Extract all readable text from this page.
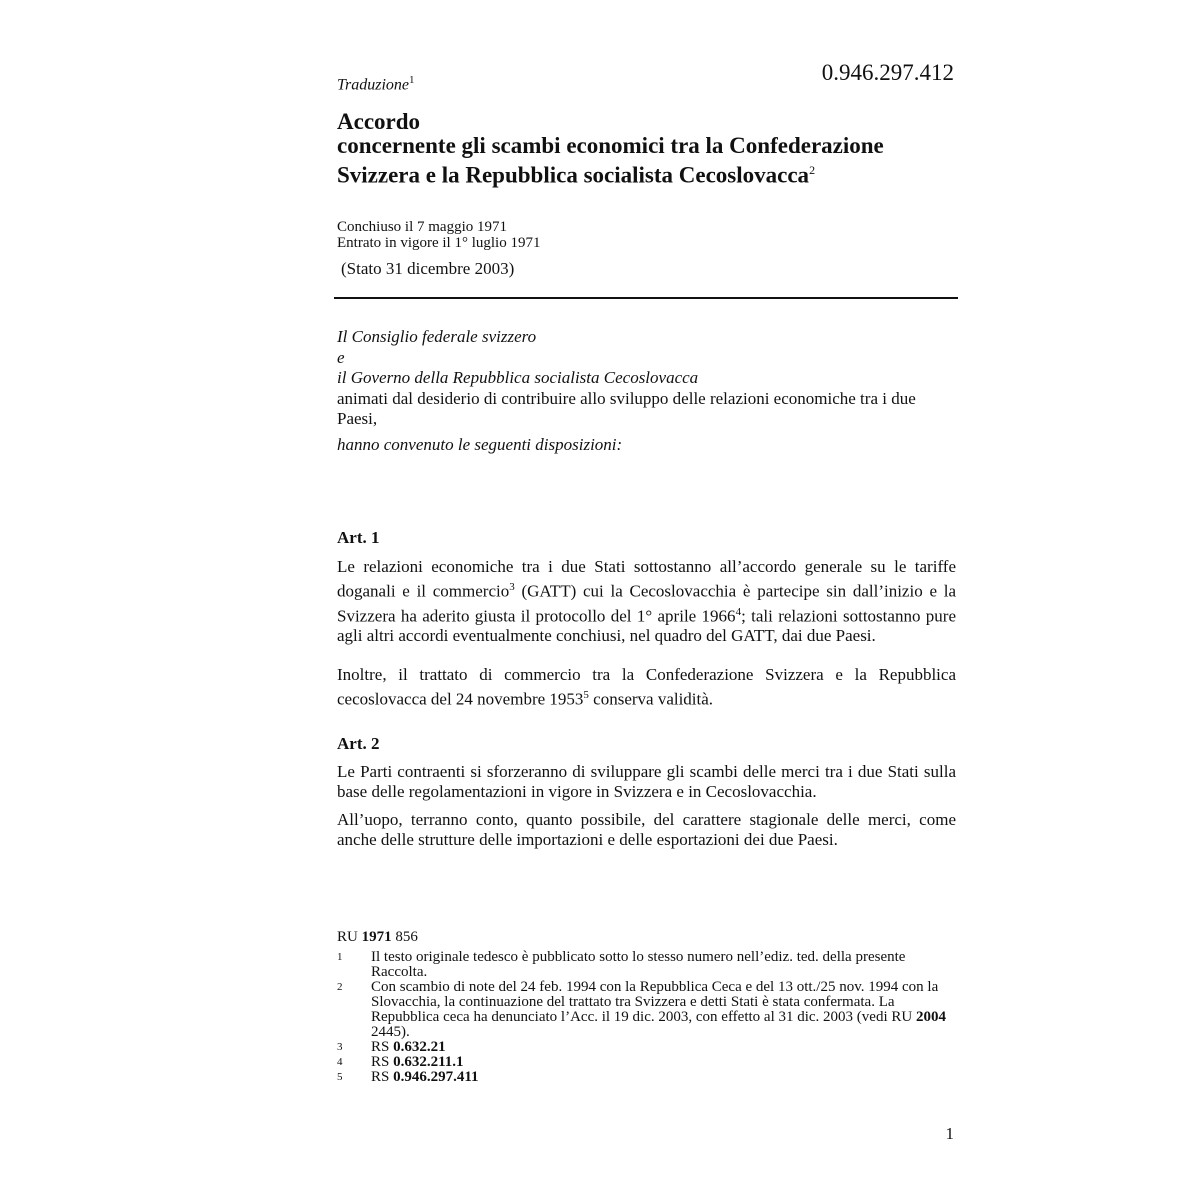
Traduzione$^1$	0.946.297.412
Accordo
concernente gli scambi economici tra la Confederazione
Svizzera e la Repubblica socialista Cecoslovacca$^2$
Conchiuso il 7 maggio 1971
Entrato in vigore il 1° luglio 1971
(Stato 31 dicembre 2003)
Il Consiglio federale svizzero
e
il Governo della Repubblica socialista Cecoslovacca
animati dal desiderio di contribuire allo sviluppo delle relazioni economiche tra i due Paesi,
hanno convenuto le seguenti disposizioni:
Art. 1
Le relazioni economiche tra i due Stati sottostanno all’accordo generale su le tariffe doganali e il commercio$^3$ (GATT) cui la Cecoslovacchia è partecipe sin dall’inizio e la Svizzera ha aderito giusta il protocollo del 1° aprile 1966$^4$; tali relazioni sottostanno pure agli altri accordi eventualmente conchiusi, nel quadro del GATT, dai due Paesi.
Inoltre, il trattato di commercio tra la Confederazione Svizzera e la Repubblica cecoslovacca del 24 novembre 1953$^5$ conserva validità.
Art. 2
Le Parti contraenti si sforzeranno di sviluppare gli scambi delle merci tra i due Stati sulla base delle regolamentazioni in vigore in Svizzera e in Cecoslovacchia.
All’uopo, terranno conto, quanto possibile, del carattere stagionale delle merci, come anche delle strutture delle importazioni e delle esportazioni dei due Paesi.
RU 1971 856
1	Il testo originale tedesco è pubblicato sotto lo stesso numero nell’ediz. ted. della presente Raccolta.
2	Con scambio di note del 24 feb. 1994 con la Repubblica Ceca e del 13 ott./25 nov. 1994 con la Slovacchia, la continuazione del trattato tra Svizzera e detti Stati è stata confermata. La Repubblica ceca ha denunciato l’Acc. il 19 dic. 2003, con effetto al 31 dic. 2003 (vedi RU 2004 2445).
3	RS 0.632.21
4	RS 0.632.211.1
5	RS 0.946.297.411
1
